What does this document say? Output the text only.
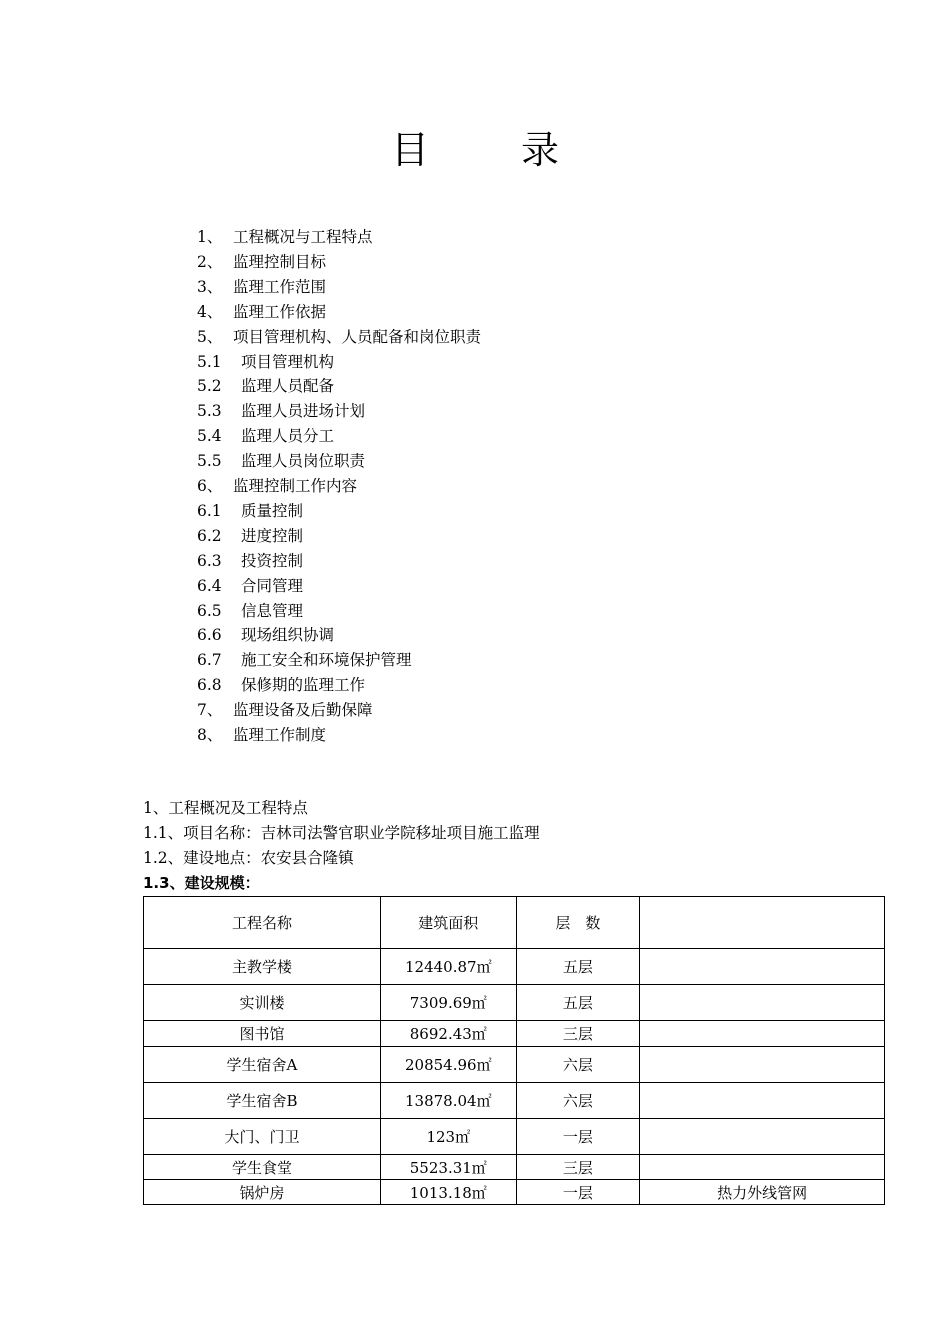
目 录
1、 工程概况与工程特点
2、 监理控制目标
3、 监理工作范围
4、 监理工作依据
5、 项目管理机构、人员配备和岗位职责
5.1 项目管理机构
5.2 监理人员配备
5.3 监理人员进场计划
5.4 监理人员分工
5.5 监理人员岗位职责
6、 监理控制工作内容
6.1 质量控制
6.2 进度控制
6.3 投资控制
6.4 合同管理
6.5 信息管理
6.6 现场组织协调
6.7 施工安全和环境保护管理
6.8 保修期的监理工作
7、 监理设备及后勤保障
8、 监理工作制度
1、工程概况及工程特点
1.1、项目名称：吉林司法警官职业学院移址项目施工监理
1.2、建设地点：农安县合隆镇
1.3、建设规模：
工程名称	建筑面积	层　数	
主教学楼	12440.87㎡	五层	
实训楼	7309.69㎡	五层	
图书馆	8692.43㎡	三层	
学生宿舍A	20854.96㎡	六层	
学生宿舍B	13878.04㎡	六层	
大门、门卫	123㎡	一层	
学生食堂	5523.31㎡	三层	
锅炉房	1013.18㎡	一层	热力外线管网
